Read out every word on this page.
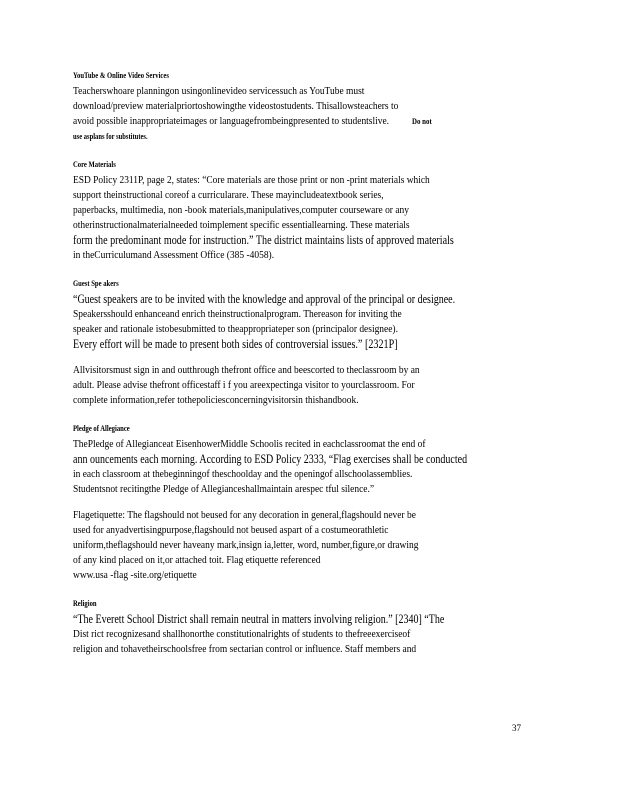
YouTube & Online Video Services
Teacherswhoare planningon usingonlinevideo servicessuch as YouTube must
download/preview materialpriortoshowingthe videostostudents. Thisallowsteachers to
avoid possible inappropriateimages or languagefrombeingpresented to studentslive.	Do not
use asplans for substitutes.
Core Materials
ESD Policy 2311P, page 2, states: “Core materials are those print or non -print materials which
support theinstructional coreof a curricularare. These mayincludeatextbook series,
paperbacks, multimedia, non -book materials,manipulatives,computer courseware or any
otherinstructionalmaterialneeded toimplement specific essentiallearning. These materials
form the predominant mode for instruction.” The district maintains lists of approved materials
in theCurriculumand Assessment Office (385 -4058).
Guest Spe akers
“Guest speakers are to be invited with the knowledge and approval of the principal or designee.
Speakersshould enhanceand enrich theinstructionalprogram. Thereason for inviting the
speaker and rationale istobesubmitted to theappropriateper son (principalor designee).
Every effort will be made to present both sides of controversial issues.” [2321P]
Allvisitorsmust sign in and outthrough thefront office and beescorted to theclassroom by an
adult. Please advise thefront officestaff i f you areexpectinga visitor to yourclassroom. For
complete information,refer tothepoliciesconcerningvisitorsin thishandbook.
Pledge of Allegiance
ThePledge of Allegianceat EisenhowerMiddle Schoolis recited in eachclassroomat the end of
ann ouncements each morning. According to ESD Policy 2333, “Flag exercises shall be conducted
in each classroom at thebeginningof theschoolday and the openingof allschoolassemblies.
Studentsnot recitingthe Pledge of Allegianceshallmaintain arespec tful silence.”
Flagetiquette: The flagshould not beused for any decoration in general,flagshould never be
used for anyadvertisingpurpose,flagshould not beused aspart of a costumeorathletic
uniform,theflagshould never haveany mark,insign ia,letter, word, number,figure,or drawing
of any kind placed on it,or attached toit. Flag etiquette referenced
www.usa -flag -site.org/etiquette
Religion
“The Everett School District shall remain neutral in matters involving religion.” [2340] “The
Dist rict recognizesand shallhonorthe constitutionalrights of students to thefreeexerciseof
religion and tohavetheirschoolsfree from sectarian control or influence. Staff members and
37
